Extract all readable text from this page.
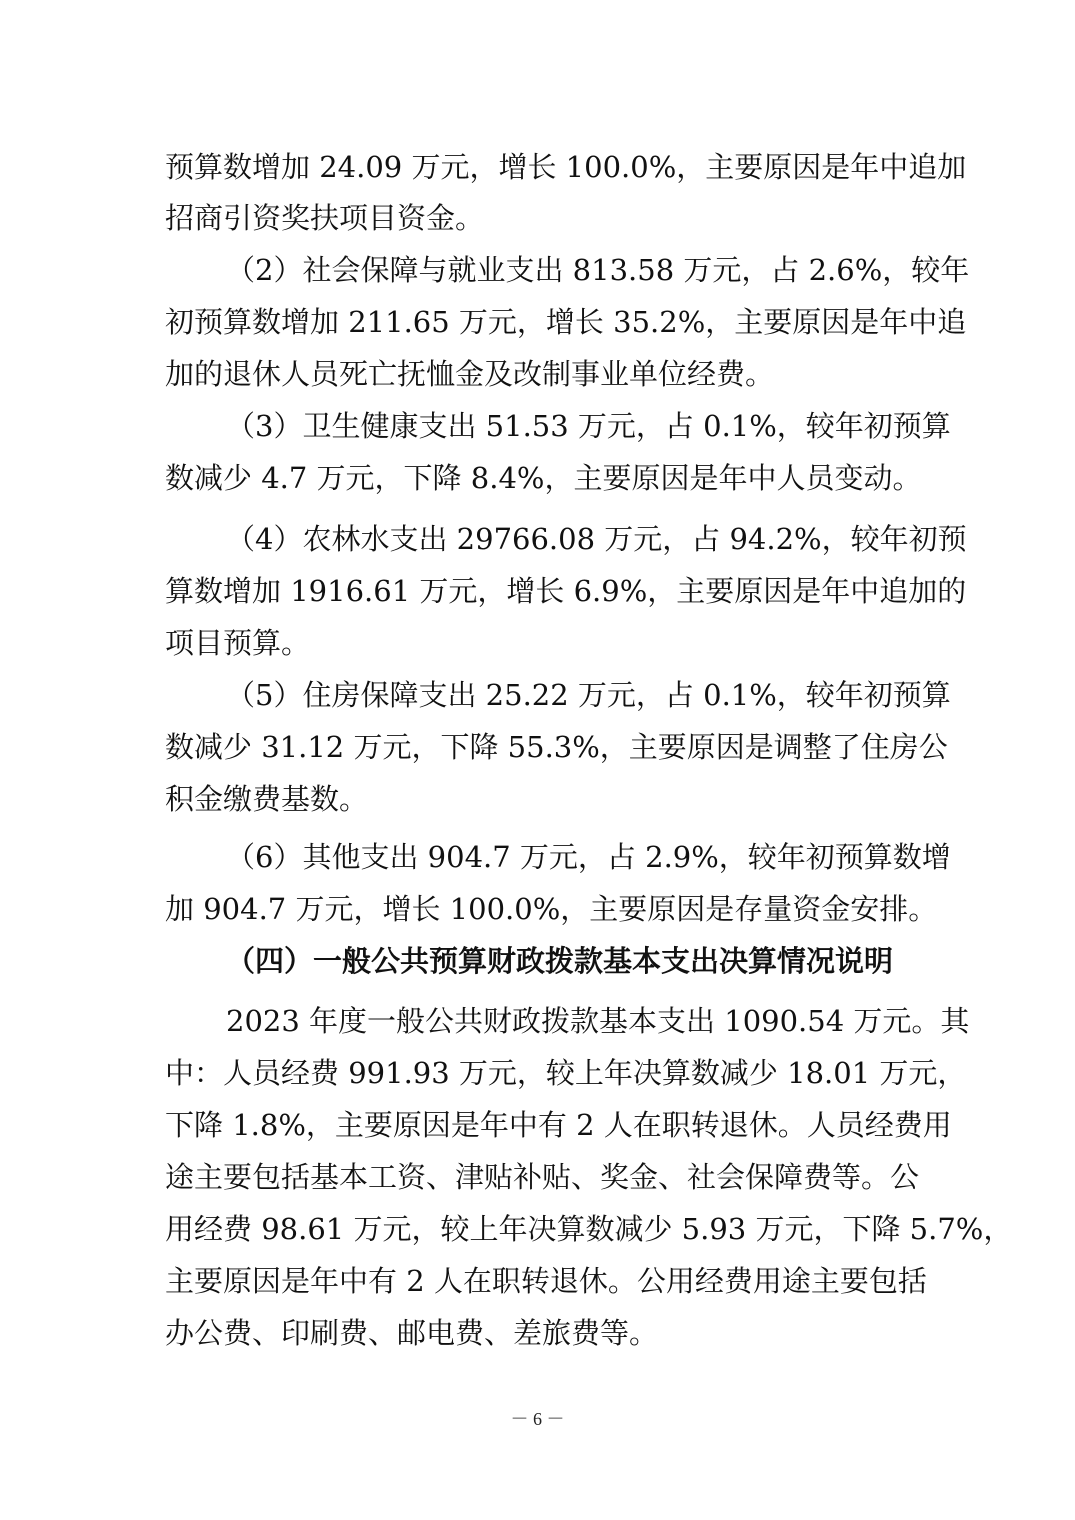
预算数增加 24.09 万元，增长 100.0%，主要原因是年中追加
招商引资奖扶项目资金。
（2）社会保障与就业支出 813.58 万元，占 2.6%，较年
初预算数增加 211.65 万元，增长 35.2%，主要原因是年中追
加的退休人员死亡抚恤金及改制事业单位经费。
（3）卫生健康支出 51.53 万元，占 0.1%，较年初预算
数减少 4.7 万元，下降 8.4%，主要原因是年中人员变动。
（4）农林水支出 29766.08 万元，占 94.2%，较年初预
算数增加 1916.61 万元，增长 6.9%，主要原因是年中追加的
项目预算。
（5）住房保障支出 25.22 万元，占 0.1%，较年初预算
数减少 31.12 万元，下降 55.3%，主要原因是调整了住房公
积金缴费基数。
（6）其他支出 904.7 万元，占 2.9%，较年初预算数增
加 904.7 万元，增长 100.0%，主要原因是存量资金安排。
（四）一般公共预算财政拨款基本支出决算情况说明
2023 年度一般公共财政拨款基本支出 1090.54 万元。其
中：人员经费 991.93 万元，较上年决算数减少 18.01 万元，
下降 1.8%，主要原因是年中有 2 人在职转退休。人员经费用
途主要包括基本工资、津贴补贴、奖金、社会保障费等。公
用经费 98.61 万元，较上年决算数减少 5.93 万元，下降 5.7%，
主要原因是年中有 2 人在职转退休。公用经费用途主要包括
办公费、印刷费、邮电费、差旅费等。
－ 6 －
